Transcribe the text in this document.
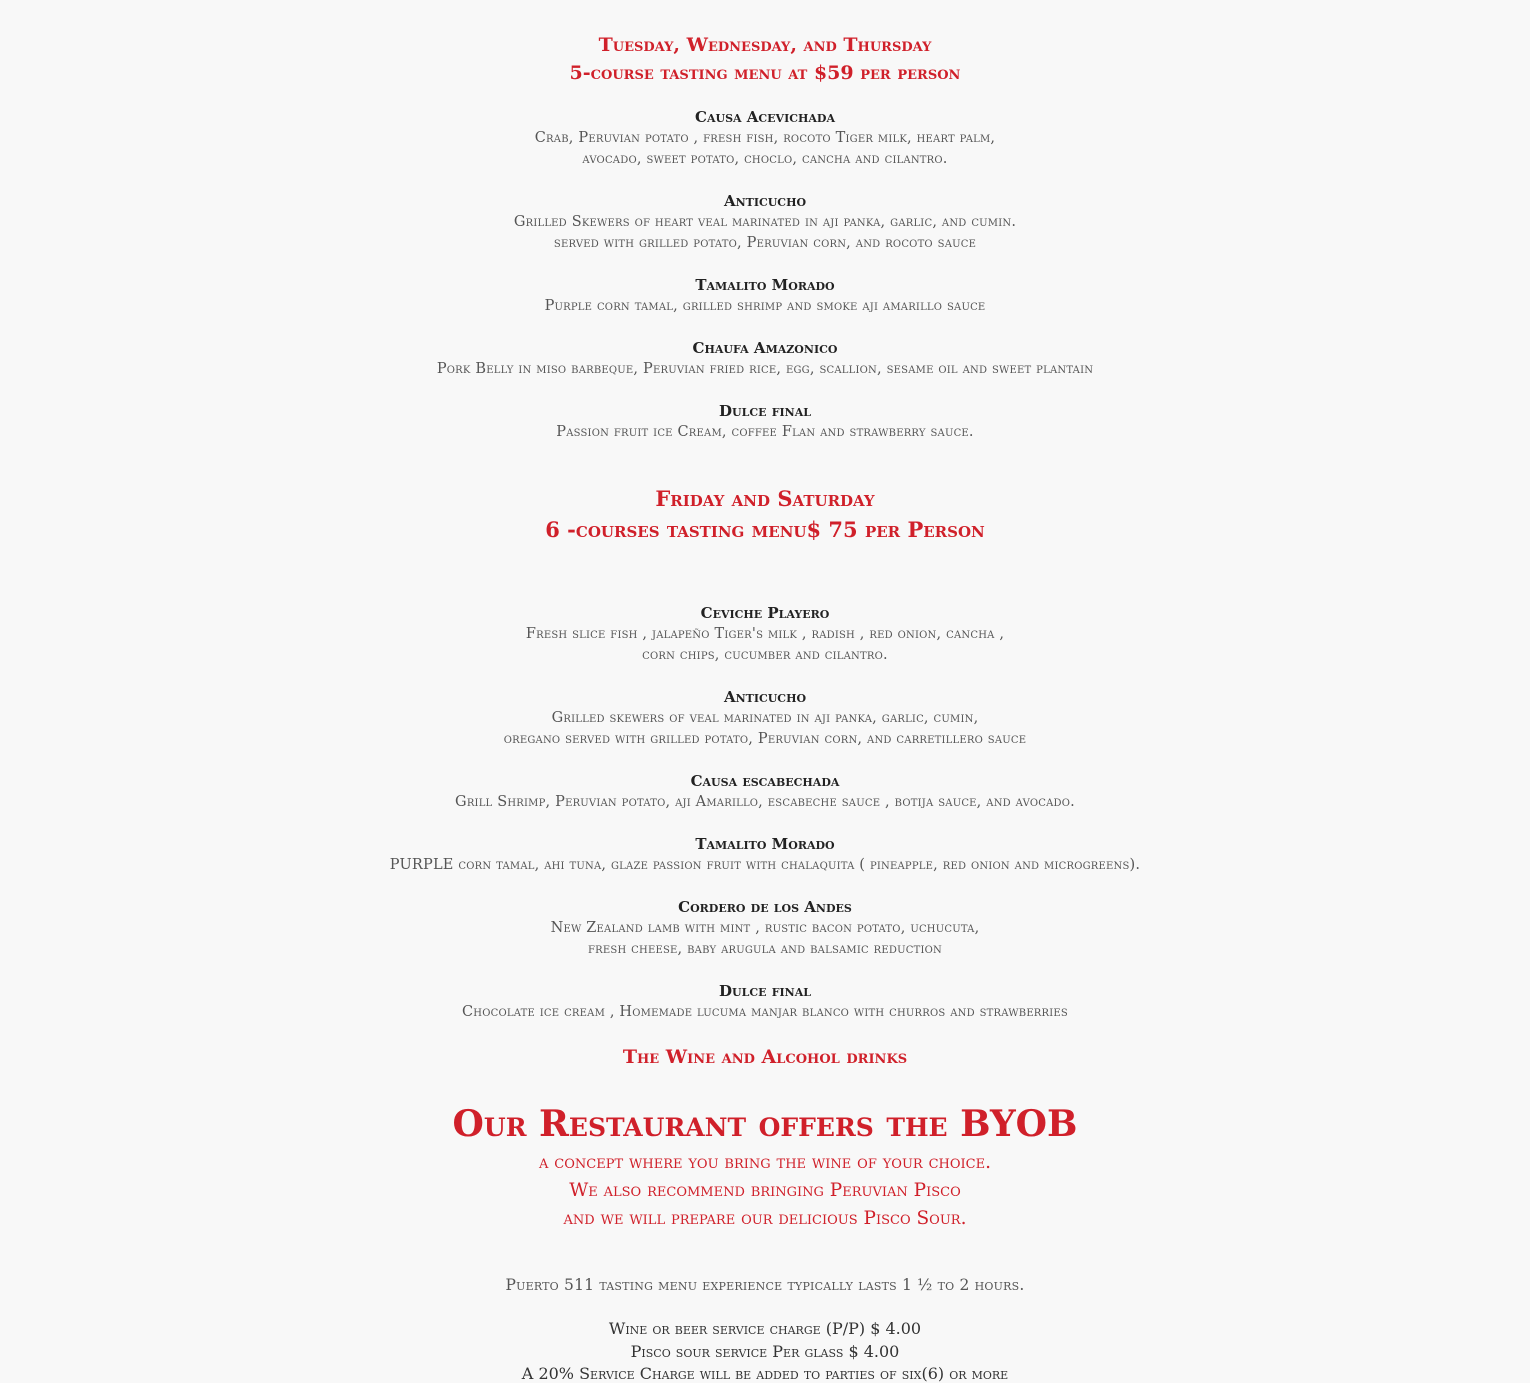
Tuesday, Wednesday, and Thursday
5-course tasting menu at $59 per person
Causa Acevichada
Crab, Peruvian potato , fresh fish, rocoto Tiger milk, heart palm,
avocado, sweet potato, choclo, cancha and cilantro.
Anticucho
Grilled Skewers of heart veal marinated in aji panka, garlic, and cumin.
served with grilled potato, Peruvian corn, and rocoto sauce
Tamalito Morado
Purple corn tamal, grilled shrimp and smoke aji amarillo sauce
Chaufa Amazonico
Pork Belly in miso barbeque, Peruvian fried rice, egg, scallion, sesame oil and sweet plantain
Dulce final
Passion fruit ice Cream, coffee Flan and strawberry sauce.
Friday and Saturday
6 -courses tasting menu$ 75 per Person
Ceviche Playero
Fresh slice fish , jalapeño Tiger's milk , radish , red onion, cancha ,
corn chips, cucumber and cilantro.
Anticucho
Grilled skewers of veal marinated in aji panka, garlic, cumin,
oregano served with grilled potato, Peruvian corn, and carretillero sauce
Causa escabechada
Grill Shrimp, Peruvian potato, aji Amarillo, escabeche sauce , botija sauce, and avocado.
Tamalito Morado
PURPLE corn tamal, ahi tuna, glaze passion fruit with chalaquita ( pineapple, red onion and microgreens).
Cordero de los Andes
New Zealand lamb with mint , rustic bacon potato, uchucuta,
fresh cheese, baby arugula and balsamic reduction
Dulce final
Chocolate ice cream , Homemade lucuma manjar blanco with churros and strawberries
The Wine and Alcohol drinks
Our Restaurant offers the BYOB
a concept where you bring the wine of your choice.
We also recommend bringing Peruvian Pisco
and we will prepare our delicious Pisco Sour.
Puerto 511 tasting menu experience typically lasts 1 ½ to 2 hours.
Wine or beer service charge (P/P) $ 4.00
Pisco sour service Per glass $ 4.00
A 20% Service Charge will be added to parties of six(6) or more
